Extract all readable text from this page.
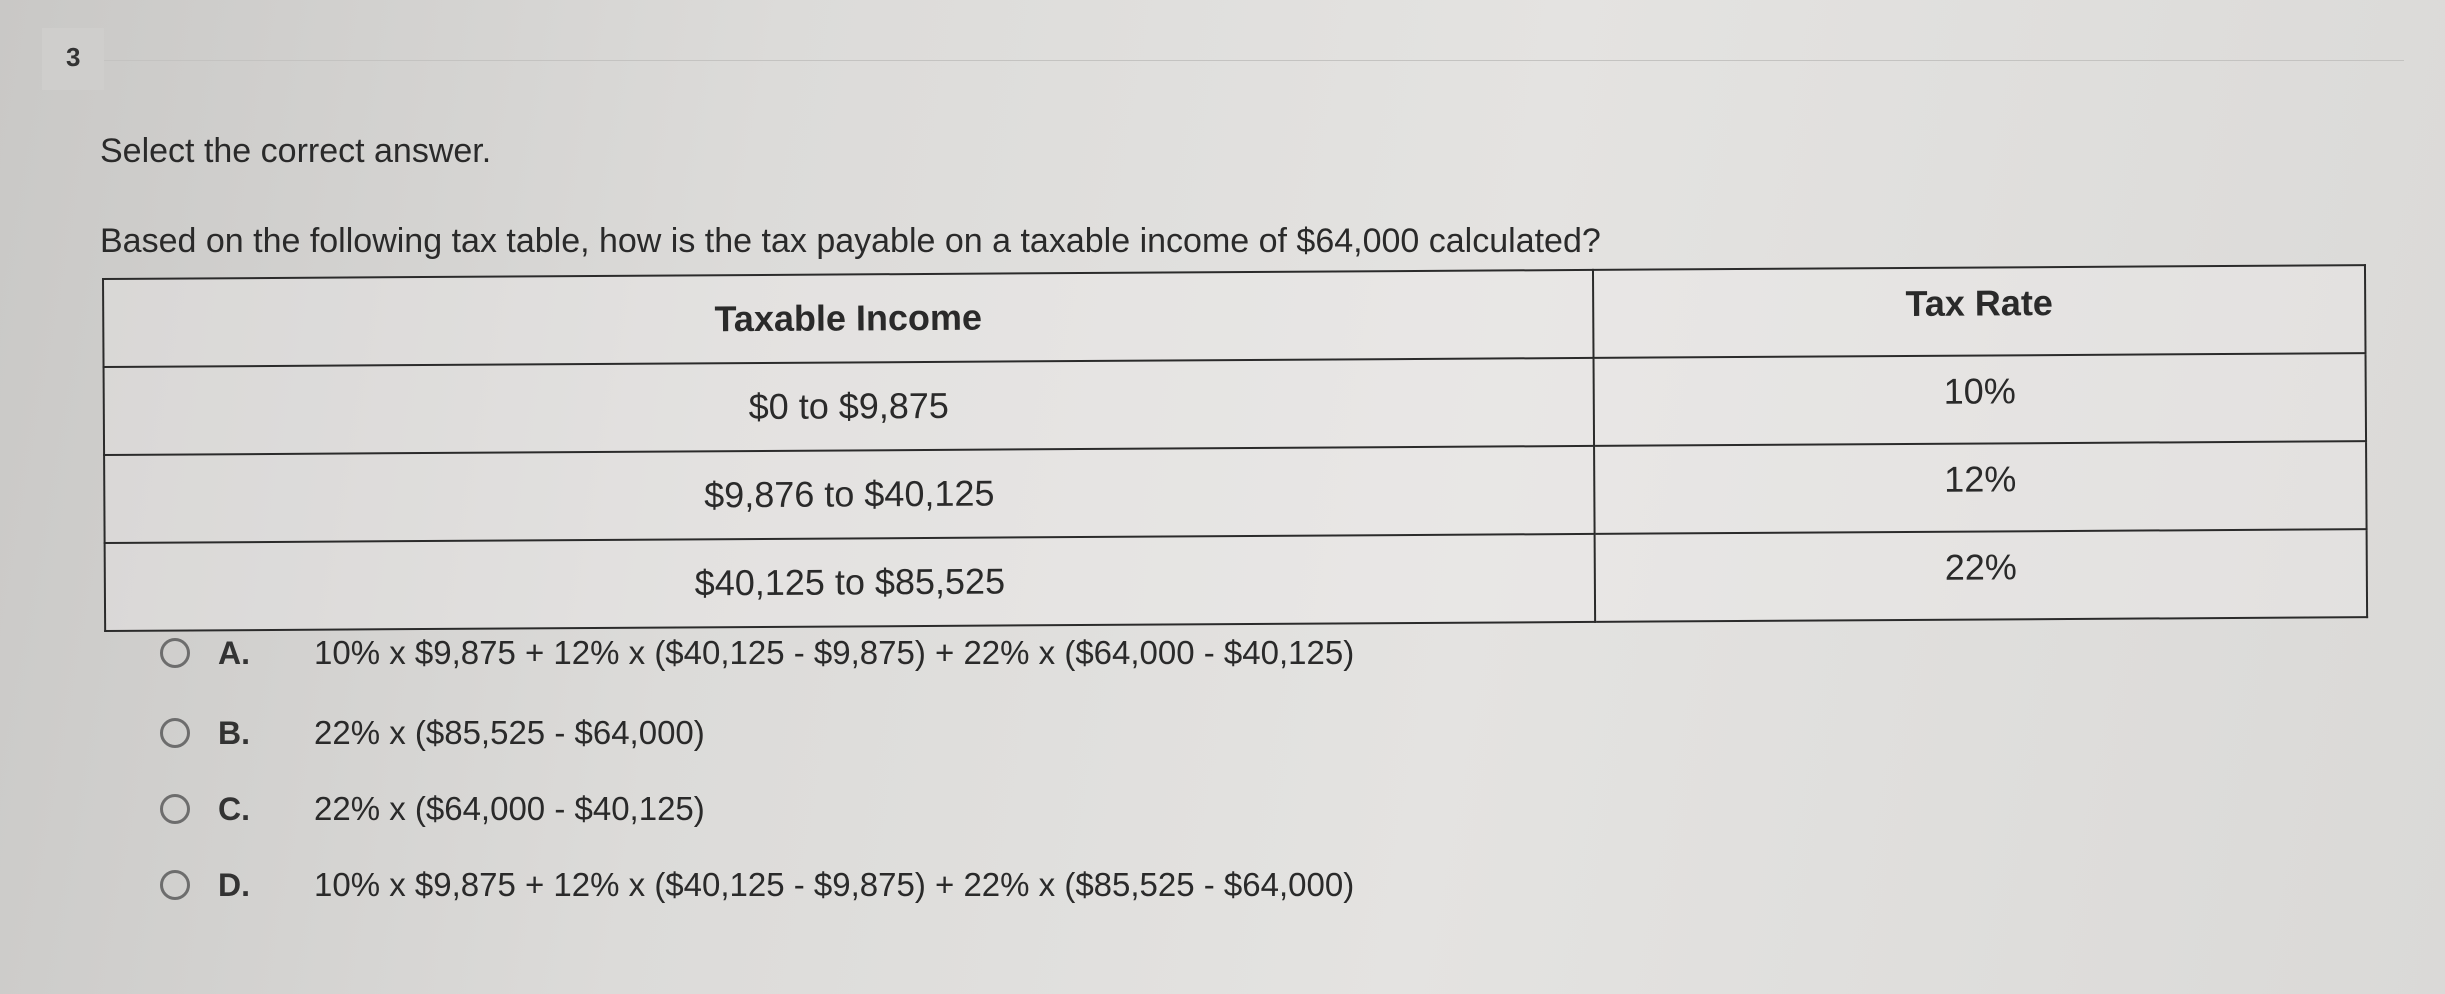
3
Select the correct answer.
Based on the following tax table, how is the tax payable on a taxable income of $64,000 calculated?
Taxable Income	Tax Rate
$0 to $9,875	10%
$9,876 to $40,125	12%
$40,125 to $85,525	22%
A.	10% x $9,875 + 12% x ($40,125 - $9,875) + 22% x ($64,000 - $40,125)
B.	22% x ($85,525 - $64,000)
C.	22% x ($64,000 - $40,125)
D.	10% x $9,875 + 12% x ($40,125 - $9,875) + 22% x ($85,525 - $64,000)
